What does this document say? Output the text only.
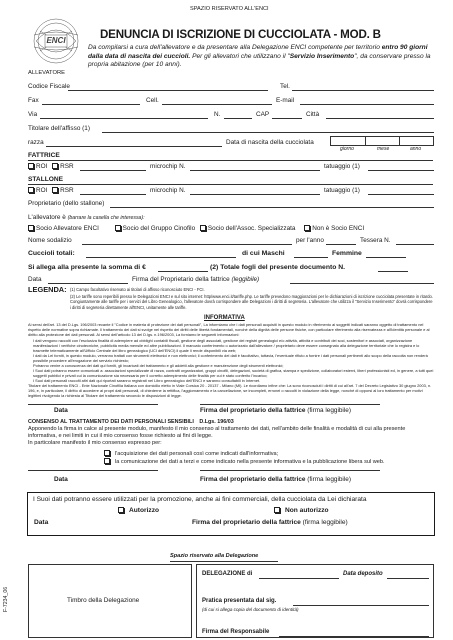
SPAZIO RISERVATO ALL'ENCI
ENCI	DENUNCIA DI ISCRIZIONE DI CUCCIOLATA - MOD. B
Da compilarsi a cura dell'allevatore e da presentare alla Delegazione ENCI competente per territorio entro 90 giorni dalla data di nascita dei cuccioli. Per gli allevatori che utilizzano il "Servizio Inserimento", da conservare presso la propria abitazione (per 10 anni).
ALLEVATORE
Codice Fiscale	Tel.
Fax	Cell.	E-mail
Via	N.	CAP	Città
Titolare dell'affisso (1)
razza	Data di nascita della cucciolata
giorno	mese	anno
FATTRICE
ROI RSR	microchip N.	tatuaggio (1)
STALLONE
ROI RSR	microchip N.	tatuaggio (1)
Proprietario (dello stallone)
L'allevatore è (barrare la casella che interessa):
Socio Allevatore ENCI	Socio del Gruppo Cinofilo Socio dell'Assoc. Specializzata	Non è Socio ENCI
Nome sodalizio	per l'anno	Tessera N.
Cuccioli totali:	di cui Maschi	Femmine
Si allega alla presente la somma di €	(2) Totale fogli del presente documento N.
Data	Firma del Proprietario della fattrice (leggibile)
LEGENDA: (1) Campo facoltativo riservato ai titolari di affisso riconosciuto ENCI - FCI.
(2) Le tariffe sono reperibili presso le Delegazioni ENCI e sul sito internet: http/www.enci.it/tariffe.php. Le tariffe prevedono maggiorazioni per le dichiarazioni di iscrizione cucciolata presentate in ritardo. Congiuntamente alle tariffe per i servizi del Libro Genealogico, l'allevatore dovrà corrispondere alle Delegazioni i diritti di segreteria. L'allevatore che utilizza il "Servizio Inserimento" dovrà corrispondere i diritti di segreteria direttamente all'ENCI, unitamente alle tariffe.
INFORMATIVA
Ai sensi dell'art. 13 del D.Lgs. 196/2003 recante il "Codice in materia di protezione dei dati personali", La informiamo che i dati personali acquisiti in questo modulo in riferimento ai soggetti indicati saranno oggetto di trattamento nel rispetto delle normative sopra richiamate. Il trattamento dei dati si svolge nel rispetto dei diritti delle libertà fondamentali, nonché della dignità delle persone fisiche, con particolare riferimento alla riservatezza e all'identità personale e al diritto alla protezione dei dati personali. Ai sensi dell'articolo 13 del D.lgs. n.196/2003, La forniamo le seguenti informazioni:
I dati vengono raccolti con l'esclusiva finalità di adempiere ad obblighi contabili fiscali, gestione degli associati, gestione dei registri genealogici e/o attività, attività e contributi dei soci, sostenitori e associati, organizzazione manifestazioni / verifiche cinotecniche, pubblicità media mensile ed altre pubblicazioni. Il mancato conferimento o autorizzato dall'allevatore / proprietario deve essere consegnato alla delegazione territoriale che lo registra e lo trasmette telematicamente all'Ufficio Centrale del libro genealogico (UCI dell'ENCI) il quale li rende disponibili via web;
I dati da Lei forniti, in questo modulo, verranno trattati con strumenti elettronici e non elettronici; il conferimento dei dati è facoltativo, tuttavia, l'eventuale rifiuto a fornire i dati personali pertinenti allo scopo della raccolta non renderà possibile procedere all'erogazione del servizio richiesto;
Potranno venire a conoscenza dei dati qui forniti, gli incaricati del trattamento e gli addetti alla gestione e manutenzione degli strumenti elettronici;
I Suoi dati potranno essere comunicati a: associazioni specializzate di razza, contratti organizzatori, gruppi cinofili, delegazioni, società di grafica, stampa e spedizione, collaboratori esterni, liberi professionisti ed, in genere, a tutti quei soggetti pubblici e privati cui la comunicazione sia necessaria per il corretto adempimento delle finalità per cui è stato conferito l'incarico;
I Suoi dati personali raccolti altri dati qui riportati saranno registrati nel Libro genealogico dell'ENCI e saranno consultabili in Internet.
Titolare del trattamento ENCI - Ente Nazionale Cinofilia Italiana con domicilio eletto in Viale Corsica 20 - 20137 - Milano (MI). Le ricordiamo infine che: La sono riconosciuti i diritti di cui all'art. 7 del Decreto Legislativo 30 giugno 2003, n. 196, e, in particolare, il diritto di accedere ai propri dati personali, di chiederne la rettifica, l'aggiornamento e la cancellazione, se incompleti, erronei o raccolti in violazione della legge, nonché di opporsi al loro trattamento per motivi legittimi rivolgendo la richiesta al Titolare del trattamento secondo le disposizioni di legge.
Data	Firma del proprietario della fattrice (firma leggibile)
CONSENSO AL TRATTAMENTO DEI DATI PERSONALI SENSIBILI D.Lgs. 196/03
Apponendo la firma in calce al presente modulo, manifesto il mio consenso al trattamento dei dati, nell'ambito delle finalità e modalità di cui alla presente informativa, e nei limiti in cui il mio consenso fosse richiesto ai fini di legge.
In particolare manifesto il mio consenso espresso per:
l'acquisizione dei dati personali così come indicati dall'informativa;
la comunicazione dei dati a terzi e come indicato nella presente informativa e la pubblicazione libera sul web.
Data	Firma del proprietario della fattrice (firma leggibile)
I Suoi dati potranno essere utilizzati per la promozione, anche ai fini commerciali, della cucciolata da Lei dichiarata
Autorizzo	Non autorizzo
Data	Firma del proprietario della fattrice (firma leggibile)
Spazio riservato alla Delegazione
F-7234_06	Timbro della Delegazione
DELEGAZIONE di	Data deposito
Pratica presentata dal sig.
(di cui si allega copia del documento di identità)
Firma del Responsabile
